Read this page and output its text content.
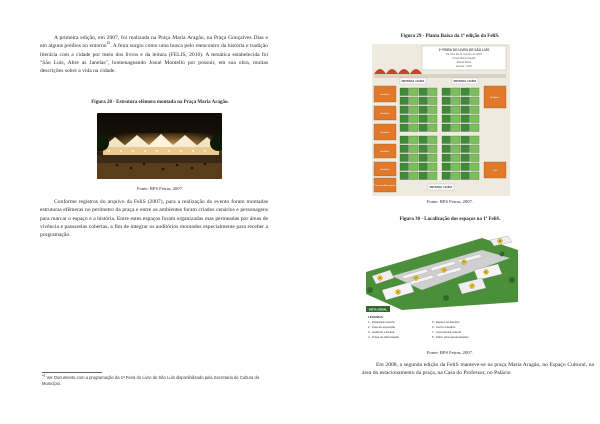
A primeira edição, em 2007, foi realizada na Praça Maria Aragão, na Praça Gonçalves Dias e em alguns prédios no entorno$^{43}$. A feira surgiu como uma busca pelo reencontro da história e tradição literária com a cidade por meio dos livros e da leitura (FELIS, 2016). A temática estabelecida foi "São Luís, Abre as Janelas", homenageando Josué Montello por possuir, em sua obra, muitas descrições sobre a vida na cidade.

Figura 28 - Estrutura efêmera montada na Praça Maria Aragão.

Fonte: RPS Feiras, 2007.

Conforme registros do arquivo da FeliS (2007), para a realização do evento foram montadas estruturas efêmeras no perímetro da praça e entre os ambientes foram criados cenários e personagens para marcar o espaço e a história. Entre estes espaços foram organizadas mas permeadas por áreas de vivência e passarelas cobertas, a fim de integrar os auditórios montados especialmente para receber a programação.

$^{43}$ Ver Documento com a programação da 1ª Feira do Livro de São Luís disponibilizado pela Secretaria de Cultura do Município.

Figura 29 - Planta Baixa da 1ª edição da FeliS.

Fonte: RPS Feiras, 2007.

Figura 30 - Localização dos espaços na 1ª FeliS.

Fonte: RPS Feiras, 2007.

Em 2008, a segunda edição da FeliS manteve-se na praça Maria Aragão, no Espaço Cultural, na área do estacionamento da praça, na Casa do Professor, no Palácio

1ª FEIRA DO LIVRO DE SÃO LUÍS
De 29 a 30 de outubro de 2007
Praça Maria Aragão
Planta Baixa
Escala: 1:500
ENTRADA / SAÍDA	ENTRADA / SAÍDA
Auditório
Auditório
Auditório
Auditório
Auditório
Praça de Alimentação
Auditório
Café
ENTRADA / SAÍDA
1	2
3
4
5
6
7
8
VISTA GERAL
LEGENDA:
1 - Passarela coberta
2 - Área de exposição
3 - Auditório e livraria
4 - Praça de alimentação
5 - Espaço do Escritor
6 - Centro Literário
7 - Convivência cultural
8 - Palco para apresentações
